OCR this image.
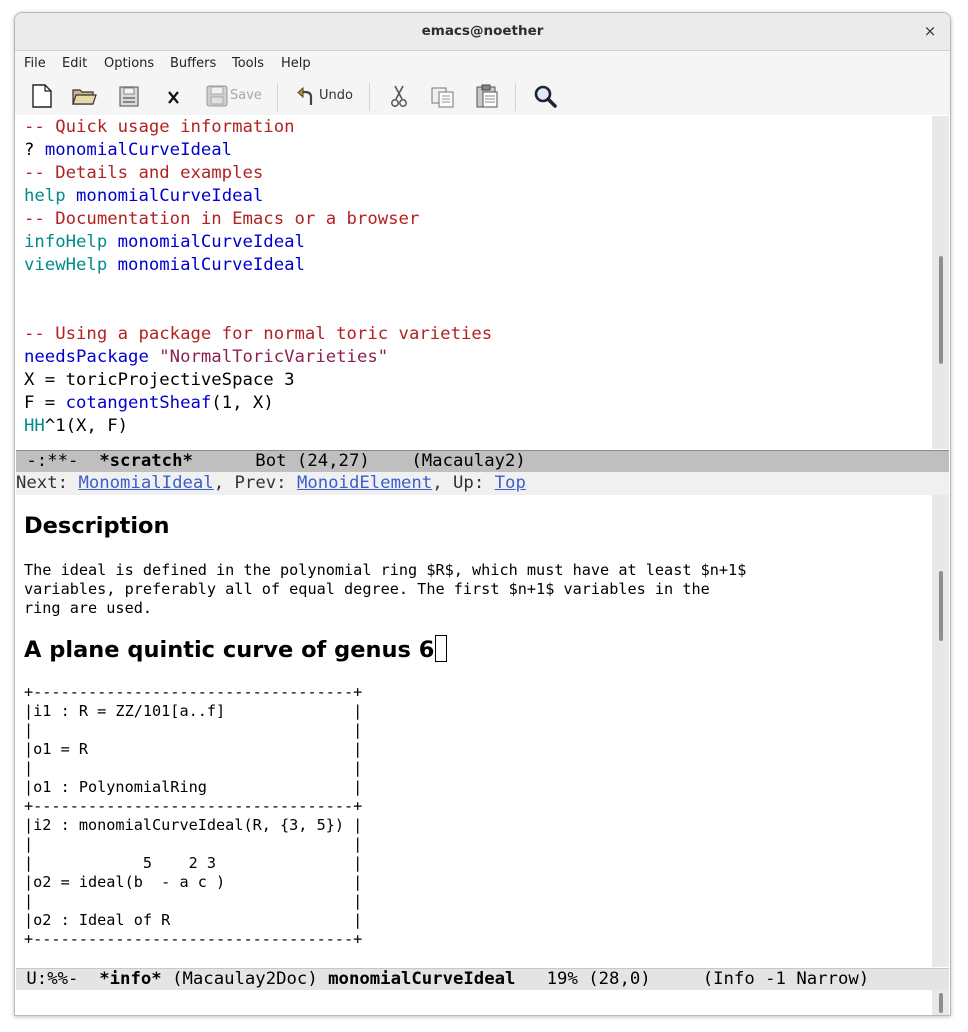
emacs@noether	×
File Edit Options Buffers Tools Help
Save	Undo
-- Quick usage information
? monomialCurveIdeal
-- Details and examples
help monomialCurveIdeal
-- Documentation in Emacs or a browser
infoHelp monomialCurveIdeal
viewHelp monomialCurveIdeal

-- Using a package for normal toric varieties
needsPackage "NormalToricVarieties"
X = toricProjectiveSpace 3
F = cotangentSheaf(1, X)
HH^1(X, F)
-:**-  *scratch*      Bot (24,27)    (Macaulay2)
Next: MonomialIdeal, Prev: MonoidElement, Up: Top
Description
The ideal is defined in the polynomial ring $R$, which must have at least $n+1$
variables, preferably all of equal degree. The first $n+1$ variables in the
ring are used.
A plane quintic curve of genus 6
+-----------------------------------+
|i1 : R = ZZ/101[a..f]              |
|                                   |
|o1 = R                             |
|                                   |
|o1 : PolynomialRing                |
+-----------------------------------+
|i2 : monomialCurveIdeal(R, {3, 5}) |
|                                   |
|            5    2 3               |
|o2 = ideal(b  - a c )              |
|                                   |
|o2 : Ideal of R                    |
+-----------------------------------+
U:%%-  *info* (Macaulay2Doc) monomialCurveIdeal   19% (28,0)     (Info -1 Narrow)
